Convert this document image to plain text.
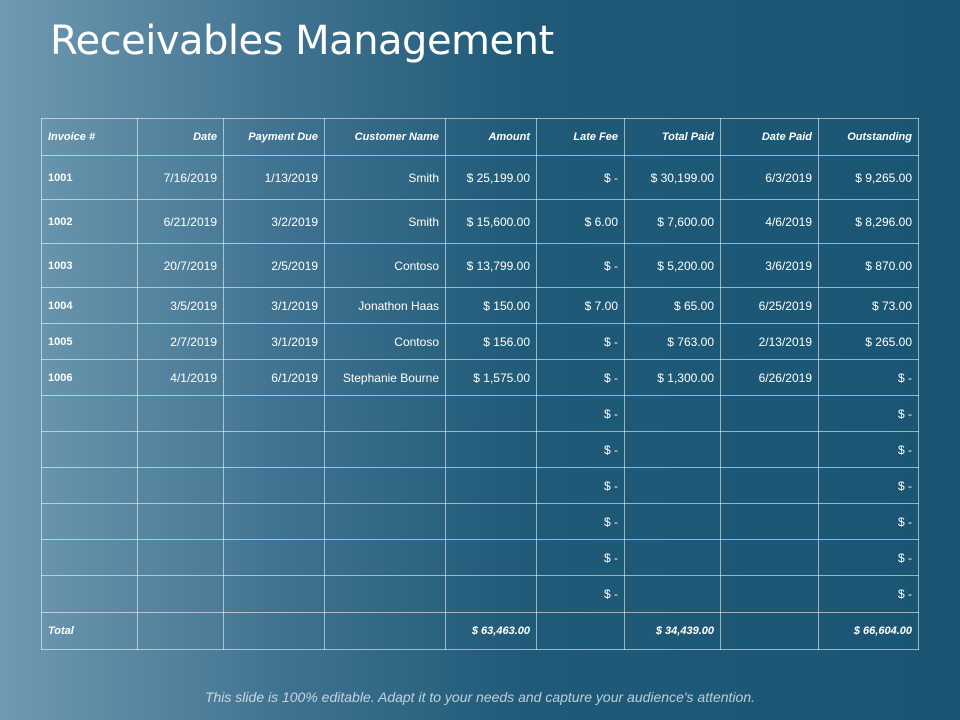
Receivables Management
Invoice #	Date	Payment Due	Customer Name	Amount	Late Fee	Total Paid	Date Paid	Outstanding
1001	7/16/2019	1/13/2019	Smith	$ 25,199.00	$ -	$ 30,199.00	6/3/2019	$ 9,265.00
1002	6/21/2019	3/2/2019	Smith	$ 15,600.00	$ 6.00	$ 7,600.00	4/6/2019	$ 8,296.00
1003	20/7/2019	2/5/2019	Contoso	$ 13,799.00	$ -	$ 5,200.00	3/6/2019	$ 870.00
1004	3/5/2019	3/1/2019	Jonathon Haas	$ 150.00	$ 7.00	$ 65.00	6/25/2019	$ 73.00
1005	2/7/2019	3/1/2019	Contoso	$ 156.00	$ -	$ 763.00	2/13/2019	$ 265.00
1006	4/1/2019	6/1/2019	Stephanie Bourne	$ 1,575.00	$ -	$ 1,300.00	6/26/2019	$ -
					$ -			$ -
					$ -			$ -
					$ -			$ -
					$ -			$ -
					$ -			$ -
					$ -			$ -
Total				$ 63,463.00		$ 34,439.00		$ 66,604.00
This slide is 100% editable. Adapt it to your needs and capture your audience's attention.
